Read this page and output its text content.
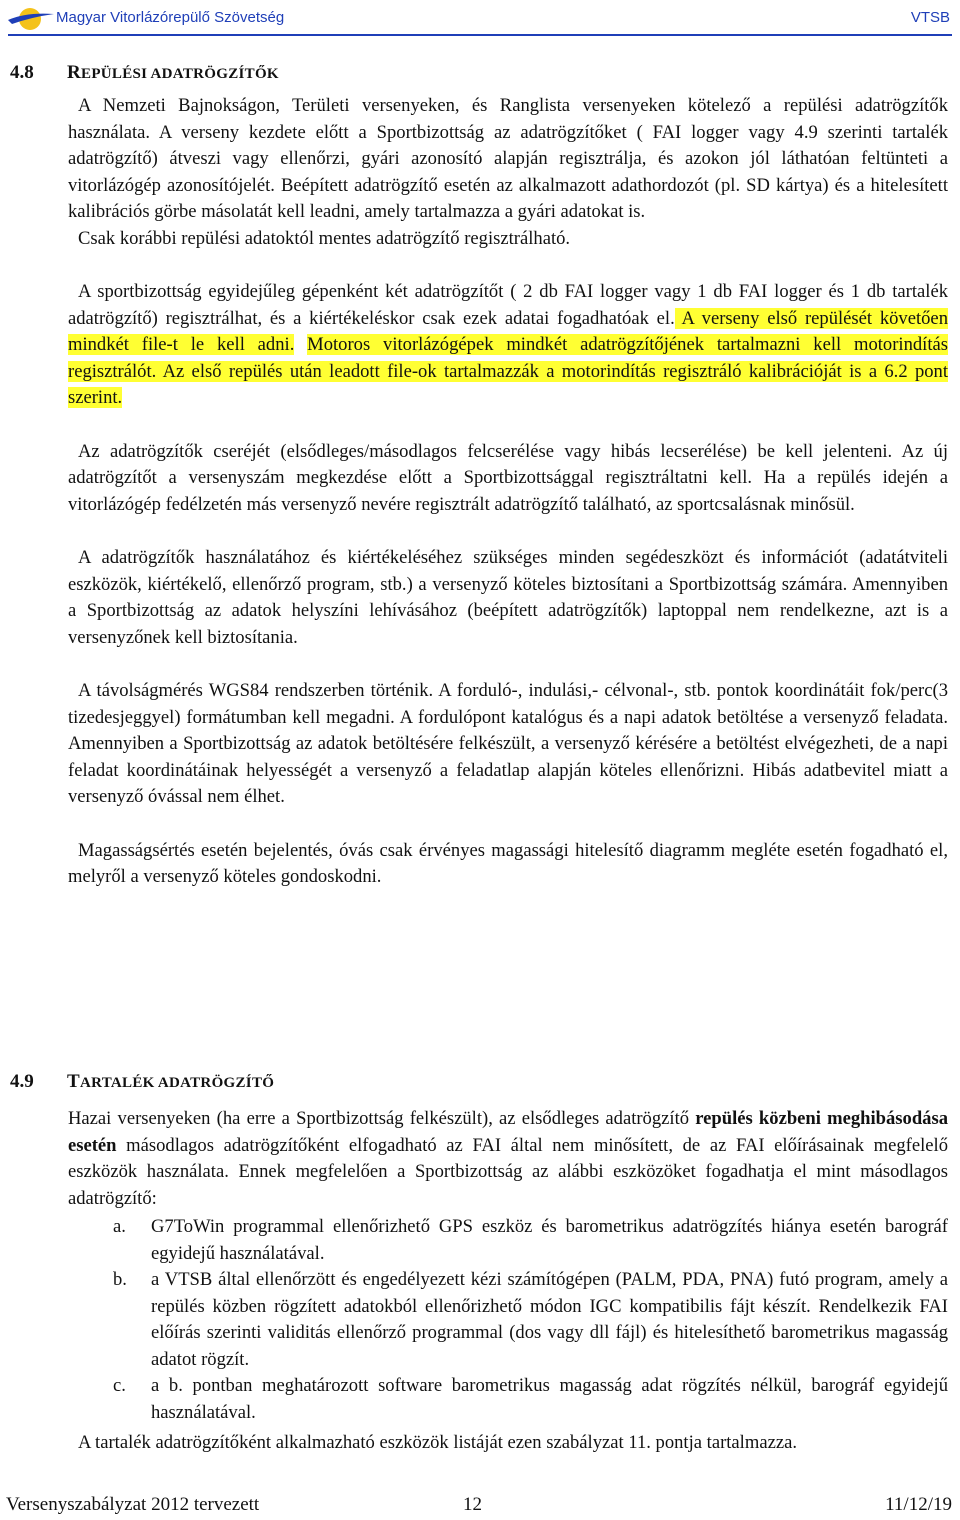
Magyar Vitorlázórepülő Szövetség	VTSB
4.8 REPÜLÉSI ADATRÖGZÍTŐK

A Nemzeti Bajnokságon, Területi versenyeken, és Ranglista versenyeken kötelező a repülési adatrögzítők használata. A verseny kezdete előtt a Sportbizottság az adatrögzítőket ( FAI logger vagy 4.9 szerinti tartalék adatrögzítő) átveszi vagy ellenőrzi, gyári azonosító alapján regisztrálja, és azokon jól láthatóan feltünteti a vitorlázógép azonosítójelét. Beépített adatrögzítő esetén az alkalmazott adathordozót (pl. SD kártya) és a hitelesített kalibrációs görbe másolatát kell leadni, amely tartalmazza a gyári adatokat is.

Csak korábbi repülési adatoktól mentes adatrögzítő regisztrálható.

A sportbizottság egyidejűleg gépenként két adatrögzítőt ( 2 db FAI logger vagy 1 db FAI logger és 1 db tartalék adatrögzítő) regisztrálhat, és a kiértékeléskor csak ezek adatai fogadhatóak el. A verseny első repülését követően mindkét file-t le kell adni. Motoros vitorlázógépek mindkét adatrögzítőjének tartalmazni kell motorindítás regisztrálót. Az első repülés után leadott file-ok tartalmazzák a motorindítás regisztráló kalibrációját is a 6.2 pont szerint.

Az adatrögzítők cseréjét (elsődleges/másodlagos felcserélése vagy hibás lecserélése) be kell jelenteni. Az új adatrögzítőt a versenyszám megkezdése előtt a Sportbizottsággal regisztráltatni kell. Ha a repülés idején a vitorlázógép fedélzetén más versenyző nevére regisztrált adatrögzítő található, az sportcsalásnak minősül.

A adatrögzítők használatához és kiértékeléséhez szükséges minden segédeszközt és információt (adatátviteli eszközök, kiértékelő, ellenőrző program, stb.) a versenyző köteles biztosítani a Sportbizottság számára. Amennyiben a Sportbizottság az adatok helyszíni lehívásához (beépített adatrögzítők) laptoppal nem rendelkezne, azt is a versenyzőnek kell biztosítania.

A távolságmérés WGS84 rendszerben történik. A forduló-, indulási,- célvonal-, stb. pontok koordinátáit fok/perc(3 tizedesjeggyel) formátumban kell megadni. A fordulópont katalógus és a napi adatok betöltése a versenyző feladata. Amennyiben a Sportbizottság az adatok betöltésére felkészült, a versenyző kérésére a betöltést elvégezheti, de a napi feladat koordinátáinak helyességét a versenyző a feladatlap alapján köteles ellenőrizni. Hibás adatbevitel miatt a versenyző óvással nem élhet.

Magasságsértés esetén bejelentés, óvás csak érvényes magassági hitelesítő diagramm megléte esetén fogadható el, melyről a versenyző köteles gondoskodni.

4.9 TARTALÉK ADATRÖGZÍTŐ

Hazai versenyeken (ha erre a Sportbizottság felkészült), az elsődleges adatrögzítő repülés közbeni meghibásodása esetén másodlagos adatrögzítőként elfogadható az FAI által nem minősített, de az FAI előírásainak megfelelő eszközök használata. Ennek megfelelően a Sportbizottság az alábbi eszközöket fogadhatja el mint másodlagos adatrögzítő:

a. G7ToWin programmal ellenőrizhető GPS eszköz és barometrikus adatrögzítés hiánya esetén barográf egyidejű használatával.

b. a VTSB által ellenőrzött és engedélyezett kézi számítógépen (PALM, PDA, PNA) futó program, amely a repülés közben rögzített adatokból ellenőrizhető módon IGC kompatibilis fájt készít. Rendelkezik FAI előírás szerinti validitás ellenőrző programmal (dos vagy dll fájl) és hitelesíthető barometrikus magasság adatot rögzít.

c. a b. pontban meghatározott software barometrikus magasság adat rögzítés nélkül, barográf egyidejű használatával.

A tartalék adatrögzítőként alkalmazható eszközök listáját ezen szabályzat 11. pontja tartalmazza.

Versenyszabályzat 2012 tervezett	12	11/12/19
